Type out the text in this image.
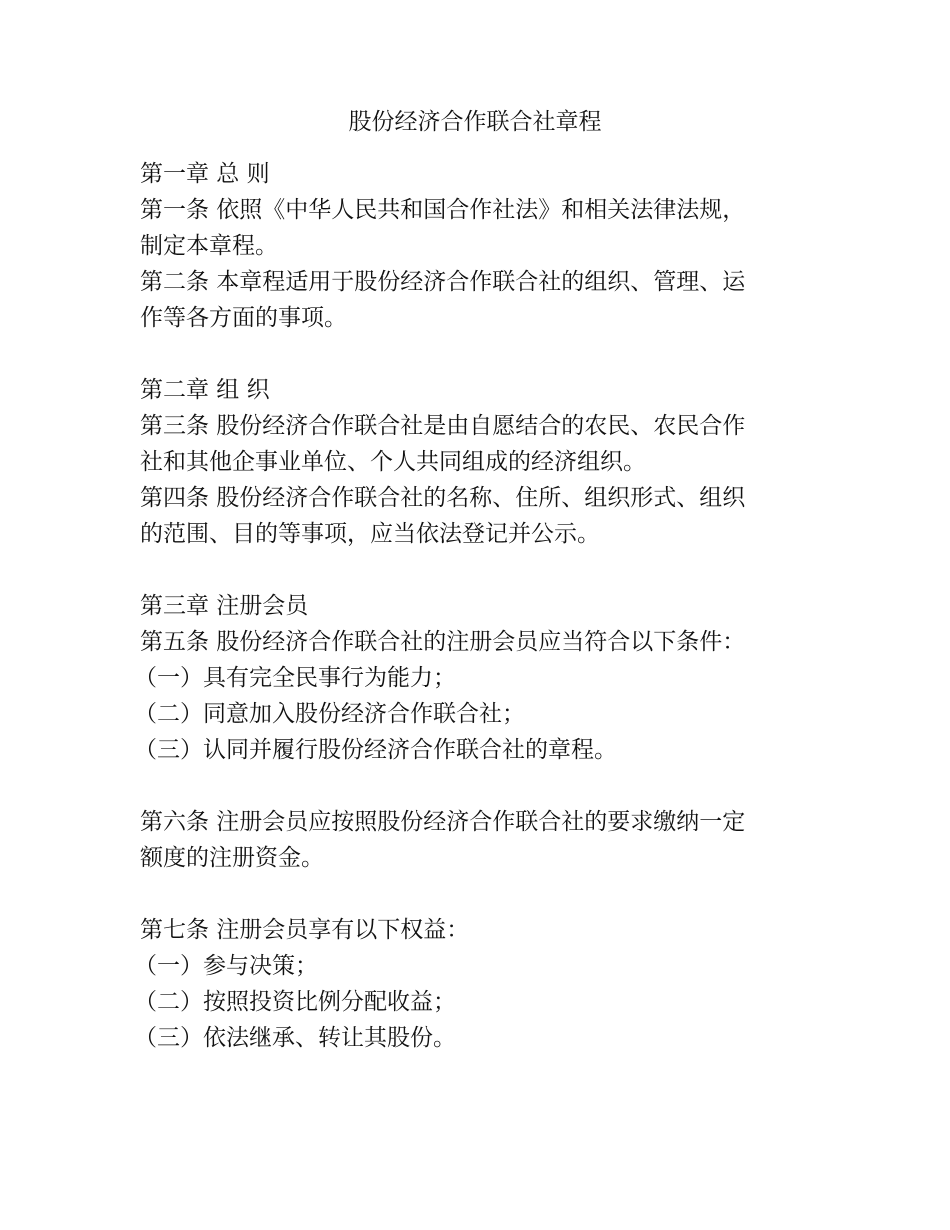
股份经济合作联合社章程
第一章 总 则
第一条 依照《中华人民共和国合作社法》和相关法律法规，
制定本章程。
第二条 本章程适用于股份经济合作联合社的组织、管理、运
作等各方面的事项。
第二章 组 织
第三条 股份经济合作联合社是由自愿结合的农民、农民合作
社和其他企事业单位、个人共同组成的经济组织。
第四条 股份经济合作联合社的名称、住所、组织形式、组织
的范围、目的等事项，应当依法登记并公示。
第三章 注册会员
第五条 股份经济合作联合社的注册会员应当符合以下条件：
（一）具有完全民事行为能力；
（二）同意加入股份经济合作联合社；
（三）认同并履行股份经济合作联合社的章程。
第六条 注册会员应按照股份经济合作联合社的要求缴纳一定
额度的注册资金。
第七条 注册会员享有以下权益：
（一）参与决策；
（二）按照投资比例分配收益；
（三）依法继承、转让其股份。
